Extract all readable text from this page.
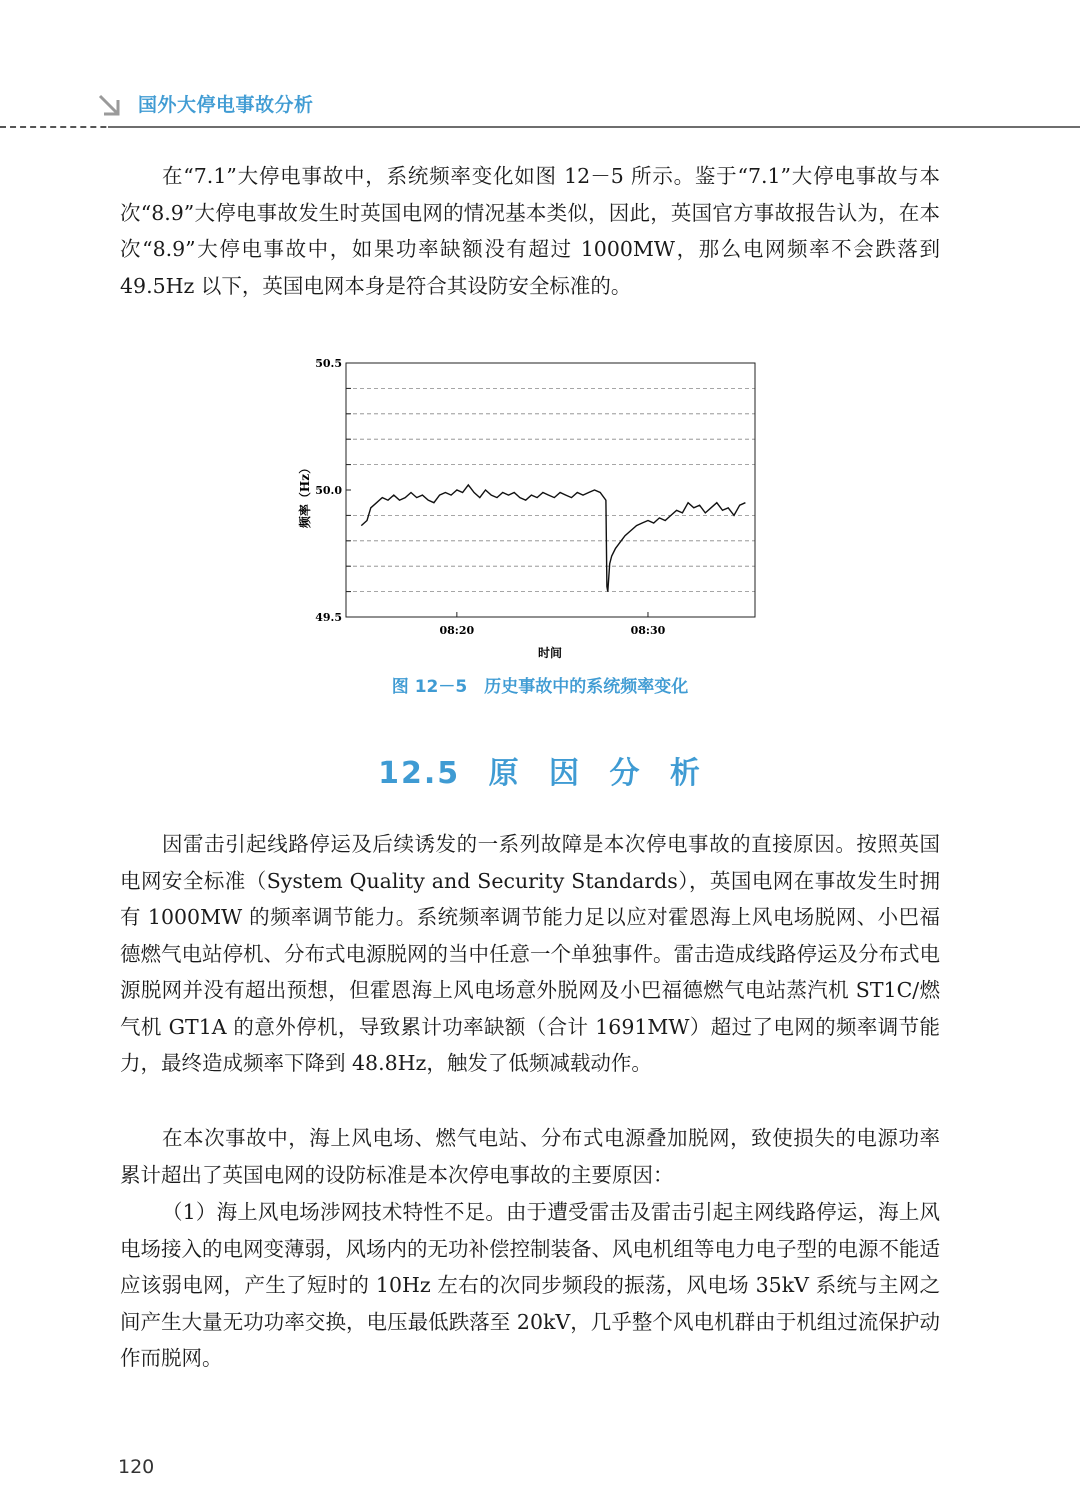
国外大停电事故分析
在“7.1”大停电事故中，系统频率变化如图 12－5 所示。鉴于“7.1”大停电事故与本次“8.9”大停电事故发生时英国电网的情况基本类似，因此，英国官方事故报告认为，在本次“8.9”大停电事故中，如果功率缺额没有超过 1000MW，那么电网频率不会跌落到 49.5Hz 以下，英国电网本身是符合其设防安全标准的。
50.5
50.0
49.5
08:20	08:30
时间
频率（Hz）
图 12－5　历史事故中的系统频率变化
12.5 原 因 分 析
因雷击引起线路停运及后续诱发的一系列故障是本次停电事故的直接原因。按照英国电网安全标准（System Quality and Security Standards），英国电网在事故发生时拥有 1000MW 的频率调节能力。系统频率调节能力足以应对霍恩海上风电场脱网、小巴福德燃气电站停机、分布式电源脱网的当中任意一个单独事件。雷击造成线路停运及分布式电源脱网并没有超出预想，但霍恩海上风电场意外脱网及小巴福德燃气电站蒸汽机 ST1C/燃气机 GT1A 的意外停机，导致累计功率缺额（合计 1691MW）超过了电网的频率调节能力，最终造成频率下降到 48.8Hz，触发了低频减载动作。
在本次事故中，海上风电场、燃气电站、分布式电源叠加脱网，致使损失的电源功率累计超出了英国电网的设防标准是本次停电事故的主要原因：
（1）海上风电场涉网技术特性不足。由于遭受雷击及雷击引起主网线路停运，海上风电场接入的电网变薄弱，风场内的无功补偿控制装备、风电机组等电力电子型的电源不能适应该弱电网，产生了短时的 10Hz 左右的次同步频段的振荡，风电场 35kV 系统与主网之间产生大量无功功率交换，电压最低跌落至 20kV，几乎整个风电机群由于机组过流保护动作而脱网。
120
